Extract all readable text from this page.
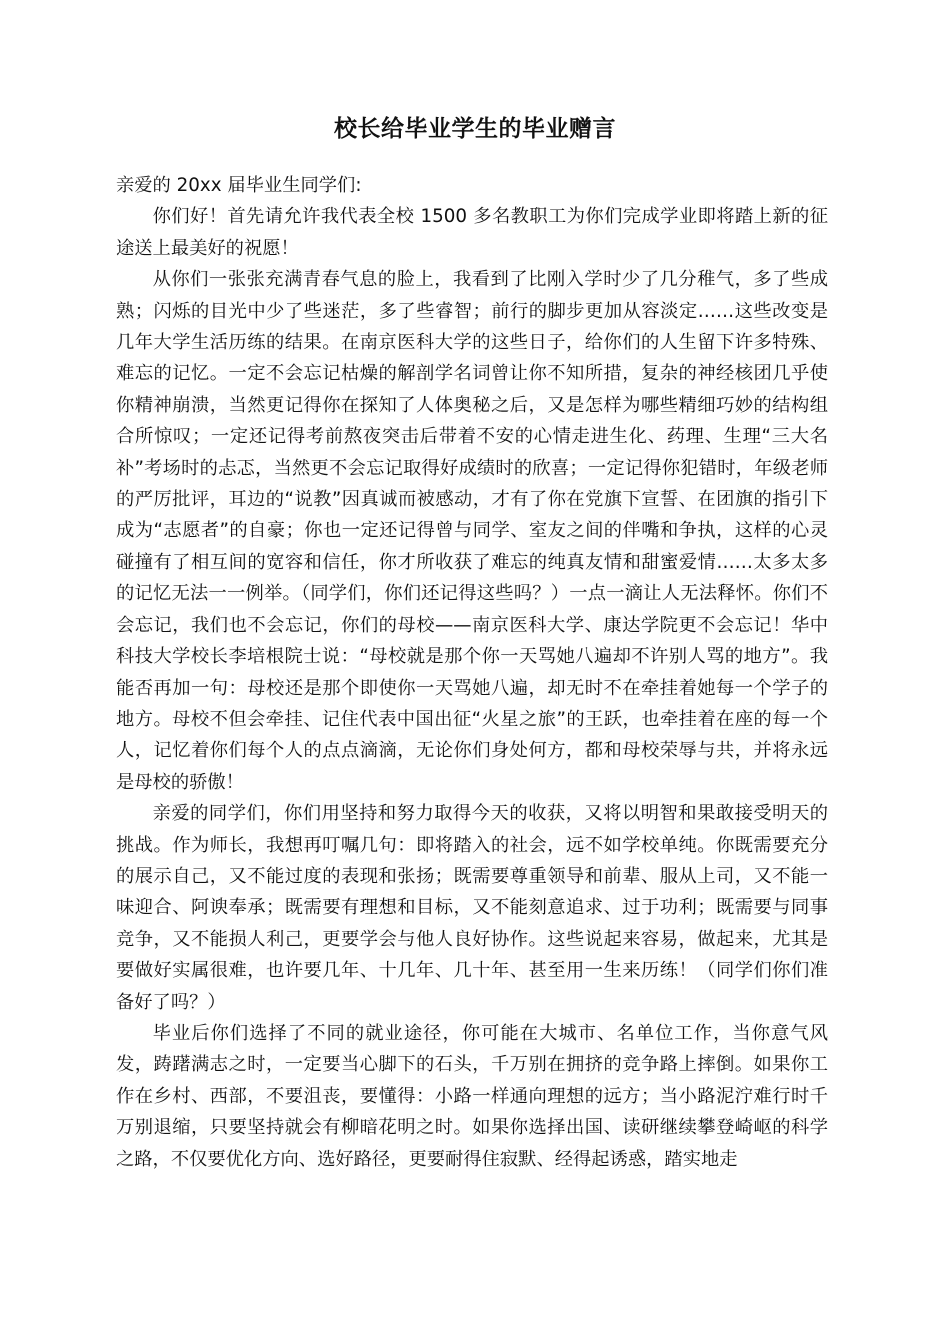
校长给毕业学生的毕业赠言

亲爱的 20xx 届毕业生同学们:

你们好！首先请允许我代表全校 1500 多名教职工为你们完成学业即将踏上新的征途送上最美好的祝愿！

从你们一张张充满青春气息的脸上，我看到了比刚入学时少了几分稚气，多了些成熟；闪烁的目光中少了些迷茫，多了些睿智；前行的脚步更加从容淡定……这些改变是几年大学生活历练的结果。在南京医科大学的这些日子，给你们的人生留下许多特殊、难忘的记忆。一定不会忘记枯燥的解剖学名词曾让你不知所措，复杂的神经核团几乎使你精神崩溃，当然更记得你在探知了人体奥秘之后，又是怎样为哪些精细巧妙的结构组合所惊叹；一定还记得考前熬夜突击后带着不安的心情走进生化、药理、生理“三大名补”考场时的忐忑，当然更不会忘记取得好成绩时的欣喜；一定记得你犯错时，年级老师的严厉批评，耳边的“说教”因真诚而被感动，才有了你在党旗下宣誓、在团旗的指引下成为“志愿者”的自豪；你也一定还记得曾与同学、室友之间的伴嘴和争执，这样的心灵碰撞有了相互间的宽容和信任，你才所收获了难忘的纯真友情和甜蜜爱情……太多太多的记忆无法一一例举。（同学们，你们还记得这些吗？）一点一滴让人无法释怀。你们不会忘记，我们也不会忘记，你们的母校——南京医科大学、康达学院更不会忘记！华中科技大学校长李培根院士说：“母校就是那个你一天骂她八遍却不许别人骂的地方”。我能否再加一句：母校还是那个即使你一天骂她八遍，却无时不在牵挂着她每一个学子的地方。母校不但会牵挂、记住代表中国出征“火星之旅”的王跃，也牵挂着在座的每一个人，记忆着你们每个人的点点滴滴，无论你们身处何方，都和母校荣辱与共，并将永远是母校的骄傲！

亲爱的同学们，你们用坚持和努力取得今天的收获，又将以明智和果敢接受明天的挑战。作为师长，我想再叮嘱几句：即将踏入的社会，远不如学校单纯。你既需要充分的展示自己，又不能过度的表现和张扬；既需要尊重领导和前辈、服从上司，又不能一味迎合、阿谀奉承；既需要有理想和目标，又不能刻意追求、过于功利；既需要与同事竞争，又不能损人利己，更要学会与他人良好协作。这些说起来容易，做起来，尤其是要做好实属很难，也许要几年、十几年、几十年、甚至用一生来历练！（同学们你们准备好了吗？）

毕业后你们选择了不同的就业途径，你可能在大城市、名单位工作，当你意气风发，踌躇满志之时，一定要当心脚下的石头，千万别在拥挤的竞争路上摔倒。如果你工作在乡村、西部，不要沮丧，要懂得：小路一样通向理想的远方；当小路泥泞难行时千万别退缩，只要坚持就会有柳暗花明之时。如果你选择出国、读研继续攀登崎岖的科学之路，不仅要优化方向、选好路径，更要耐得住寂默、经得起诱惑，踏实地走
